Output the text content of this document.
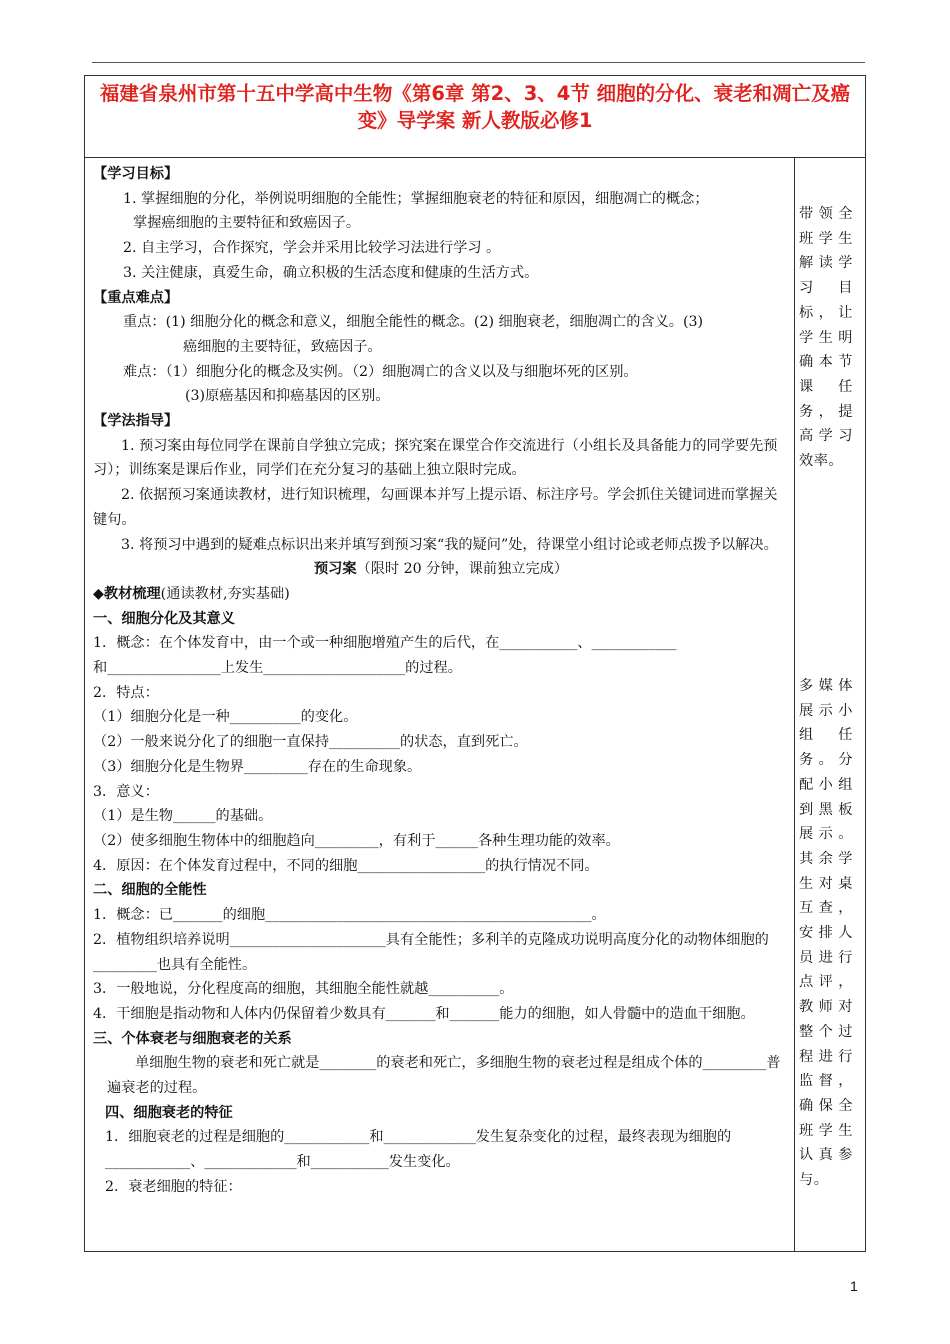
福建省泉州市第十五中学高中生物《第6章 第2、3、4节 细胞的分化、衰老和凋亡及癌变》导学案 新人教版必修1

【学习目标】

1. 掌握细胞的分化，举例说明细胞的全能性；掌握细胞衰老的特征和原因，细胞凋亡的概念；

掌握癌细胞的主要特征和致癌因子。

2. 自主学习，合作探究，学会并采用比较学习法进行学习 。

3. 关注健康，真爱生命，确立积极的生活态度和健康的生活方式。

【重点难点】

重点：(1) 细胞分化的概念和意义，细胞全能性的概念。(2) 细胞衰老，细胞凋亡的含义。(3)

癌细胞的主要特征，致癌因子。

难点：（1）细胞分化的概念及实例。（2）细胞凋亡的含义以及与细胞坏死的区别。

(3)原癌基因和抑癌基因的区别。

【学法指导】

1. 预习案由每位同学在课前自学独立完成；探究案在课堂合作交流进行（小组长及具备能力的同学要先预习）；训练案是课后作业，同学们在充分复习的基础上独立限时完成。

2. 依据预习案通读教材，进行知识梳理，勾画课本并写上提示语、标注序号。学会抓住关键词进而掌握关键句。

3. 将预习中遇到的疑难点标识出来并填写到预习案“我的疑问”处，待课堂小组讨论或老师点拨予以解决。

预习案（限时 20 分钟，课前独立完成）

◆教材梳理(通读教材,夯实基础)

一、细胞分化及其意义

1．概念：在个体发育中，由一个或一种细胞增殖产生的后代，在___________、____________

和________________上发生____________________的过程。

2．特点：

（1）细胞分化是一种__________的变化。

（2）一般来说分化了的细胞一直保持__________的状态，直到死亡。

（3）细胞分化是生物界_________存在的生命现象。

3．意义：

（1）是生物______的基础。

（2）使多细胞生物体中的细胞趋向_________，有利于______各种生理功能的效率。

4．原因：在个体发育过程中，不同的细胞__________________的执行情况不同。

二、细胞的全能性

1．概念：已_______的细胞______________________________________________。

2．植物组织培养说明______________________具有全能性；多利羊的克隆成功说明高度分化的动物体细胞的_________也具有全能性。

3．一般地说，分化程度高的细胞，其细胞全能性就越__________。

4．干细胞是指动物和人体内仍保留着少数具有_______和_______能力的细胞，如人骨髓中的造血干细胞。

三、个体衰老与细胞衰老的关系

单细胞生物的衰老和死亡就是________的衰老和死亡，多细胞生物的衰老过程是组成个体的_________普遍衰老的过程。

四、细胞衰老的特征

1．细胞衰老的过程是细胞的____________和_____________发生复杂变化的过程，最终表现为细胞的____________、_____________和___________发生变化。

2．衰老细胞的特征：

带领全班学生解读学习目标，让学生明确本节课任务，提高学习效率。
多媒体展示小组任务。分配小组到黑板展示。其余学生对桌互查，安排人员进行点评，教师对整个过程进行监督，确保全班学生认真参与。
1
